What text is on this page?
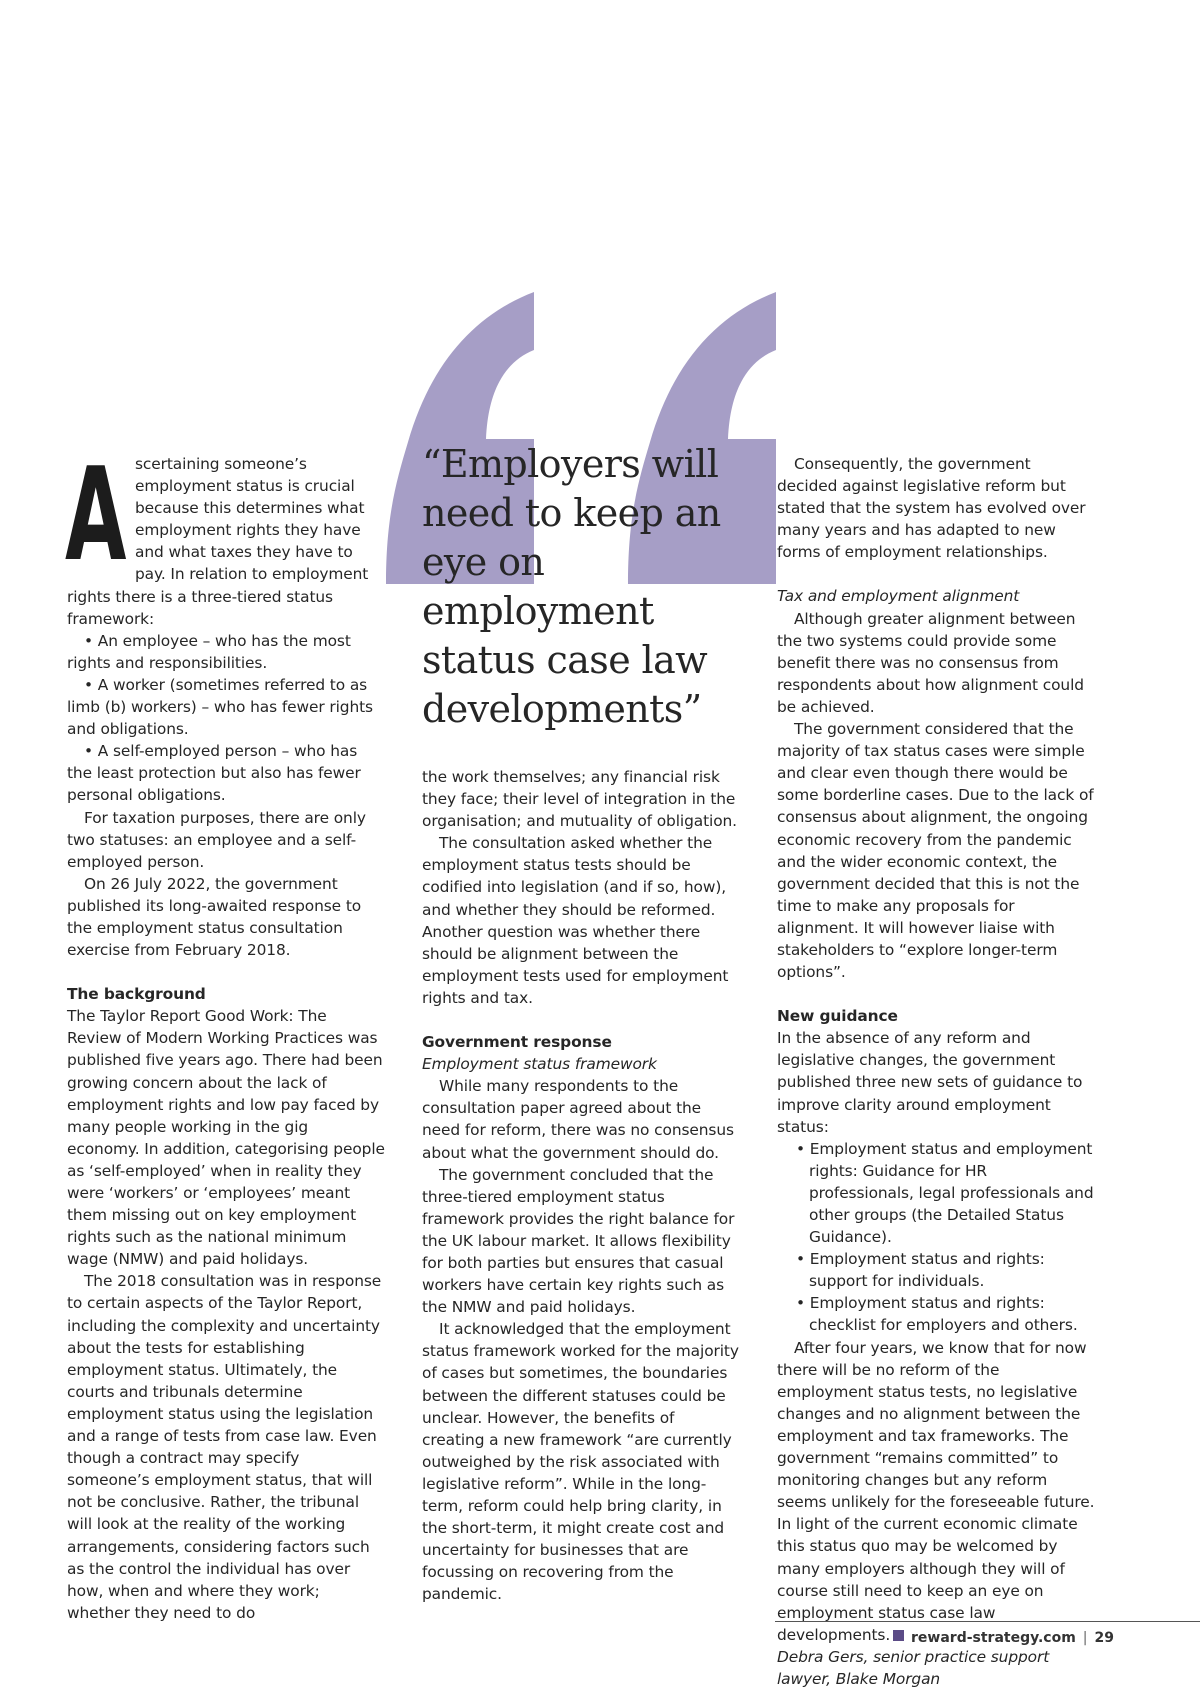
“Employers will need to keep an eye on employment status case law developments”
A scertaining someone’s employment status is crucial because this determines what employment rights they have and what taxes they have to pay. In relation to employment rights there is a three-tiered status framework:

• An employee – who has the most rights and responsibilities.

• A worker (sometimes referred to as limb (b) workers) – who has fewer rights and obligations.

• A self-employed person – who has the least protection but also has fewer personal obligations.

For taxation purposes, there are only two statuses: an employee and a self-employed person.

On 26 July 2022, the government published its long-awaited response to the employment status consultation exercise from February 2018.

The background

The Taylor Report Good Work: The Review of Modern Working Practices was published five years ago. There had been growing concern about the lack of employment rights and low pay faced by many people working in the gig economy. In addition, categorising people as ‘self-employed’ when in reality they were ‘workers’ or ‘employees’ meant them missing out on key employment rights such as the national minimum wage (NMW) and paid holidays.

The 2018 consultation was in response to certain aspects of the Taylor Report, including the complexity and uncertainty about the tests for establishing employment status. Ultimately, the courts and tribunals determine employment status using the legislation and a range of tests from case law. Even though a contract may specify someone’s employment status, that will not be conclusive. Rather, the tribunal will look at the reality of the working arrangements, considering factors such as the control the individual has over how, when and where they work; whether they need to do

the work themselves; any financial risk they face; their level of integration in the organisation; and mutuality of obligation.

The consultation asked whether the employment status tests should be codified into legislation (and if so, how), and whether they should be reformed. Another question was whether there should be alignment between the employment tests used for employment rights and tax.

Government response

Employment status framework

While many respondents to the consultation paper agreed about the need for reform, there was no consensus about what the government should do.

The government concluded that the three-tiered employment status framework provides the right balance for the UK labour market. It allows flexibility for both parties but ensures that casual workers have certain key rights such as the NMW and paid holidays.

It acknowledged that the employment status framework worked for the majority of cases but sometimes, the boundaries between the different statuses could be unclear. However, the benefits of creating a new framework “are currently outweighed by the risk associated with legislative reform”. While in the long-term, reform could help bring clarity, in the short-term, it might create cost and uncertainty for businesses that are focussing on recovering from the pandemic.

Consequently, the government decided against legislative reform but stated that the system has evolved over many years and has adapted to new forms of employment relationships.

Tax and employment alignment

Although greater alignment between the two systems could provide some benefit there was no consensus from respondents about how alignment could be achieved.

The government considered that the majority of tax status cases were simple and clear even though there would be some borderline cases. Due to the lack of consensus about alignment, the ongoing economic recovery from the pandemic and the wider economic context, the government decided that this is not the time to make any proposals for alignment. It will however liaise with stakeholders to “explore longer-term options”.

New guidance

In the absence of any reform and legislative changes, the government published three new sets of guidance to improve clarity around employment status:

• Employment status and employment rights: Guidance for HR professionals, legal professionals and other groups (the Detailed Status Guidance).

• Employment status and rights: support for individuals.

• Employment status and rights: checklist for employers and others.

After four years, we know that for now there will be no reform of the employment status tests, no legislative changes and no alignment between the employment and tax frameworks. The government “remains committed” to monitoring changes but any reform seems unlikely for the foreseeable future. In light of the current economic climate this status quo may be welcomed by many employers although they will of course still need to keep an eye on employment status case law developments.

Debra Gers, senior practice support lawyer, Blake Morgan

reward-strategy.com | 29
